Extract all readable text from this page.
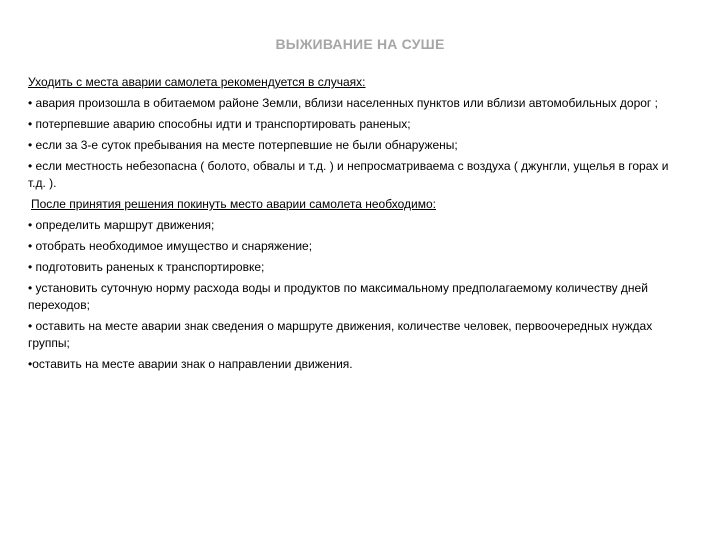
ВЫЖИВАНИЕ НА СУШЕ

Уходить с места аварии самолета рекомендуется в случаях:

• авария произошла в обитаемом районе Земли, вблизи населенных пунктов или вблизи автомобильных дорог ;

• потерпевшие аварию способны идти и транспортировать раненых;

• если за 3-е суток пребывания на месте потерпевшие не были обнаружены;

• если местность небезопасна ( болото, обвалы и т.д. ) и непросматриваема с воздуха ( джунгли, ущелья в горах и т.д. ).

После принятия решения покинуть место аварии самолета необходимо:

• определить маршрут движения;

• отобрать необходимое имущество и снаряжение;

• подготовить раненых к транспортировке;

• установить суточную норму расхода воды и продуктов по максимальному предполагаемому количеству дней переходов;

• оставить на месте аварии знак сведения о маршруте движения, количестве человек, первоочередных нуждах группы;

•оставить на месте аварии знак о направлении движения.
